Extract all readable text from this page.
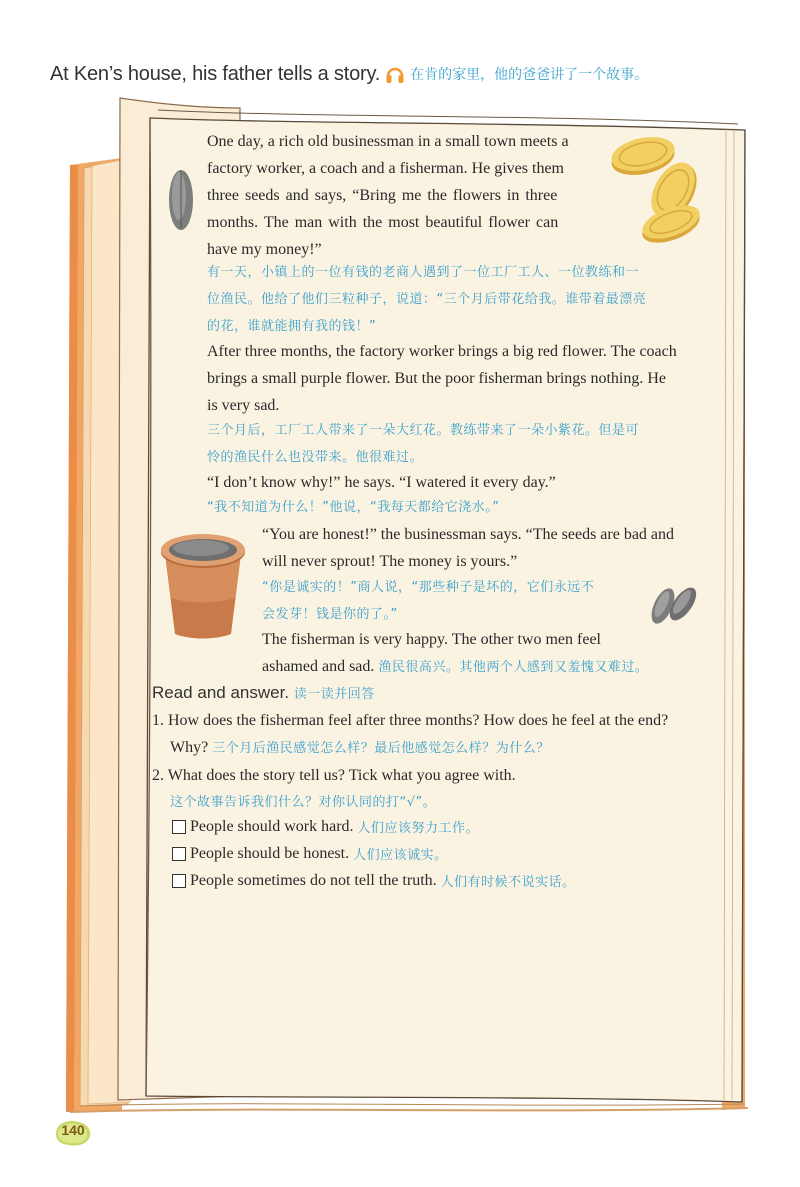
At Ken’s house, his father tells a story. 在肯的家里，他的爸爸讲了一个故事。
One day, a rich old businessman in a small town meets a
factory worker, a coach and a fisherman. He gives them
three seeds and says, “Bring me the flowers in three
months. The man with the most beautiful flower can
have my money!”
有一天，小镇上的一位有钱的老商人遇到了一位工厂工人、一位教练和一
位渔民。他给了他们三粒种子，说道：“三个月后带花给我。谁带着最漂亮
的花，谁就能拥有我的钱！”
After three months, the factory worker brings a big red flower. The coach
brings a small purple flower. But the poor fisherman brings nothing. He
is very sad.
三个月后，工厂工人带来了一朵大红花。教练带来了一朵小紫花。但是可
怜的渔民什么也没带来。他很难过。
“I don’t know why!” he says. “I watered it every day.”
“我不知道为什么！”他说，“我每天都给它浇水。”
“You are honest!” the businessman says. “The seeds are bad and
will never sprout! The money is yours.”
“你是诚实的！”商人说，“那些种子是坏的，它们永远不
会发芽！钱是你的了。”
The fisherman is very happy. The other two men feel
ashamed and sad. 渔民很高兴。其他两个人感到又羞愧又难过。
Read and answer. 读一读并回答
1. How does the fisherman feel after three months? How does he feel at the end?
Why? 三个月后渔民感觉怎么样？最后他感觉怎么样？为什么？
2. What does the story tell us? Tick what you agree with.
这个故事告诉我们什么？对你认同的打“√”。
People should work hard. 人们应该努力工作。
People should be honest. 人们应该诚实。
People sometimes do not tell the truth. 人们有时候不说实话。
140
